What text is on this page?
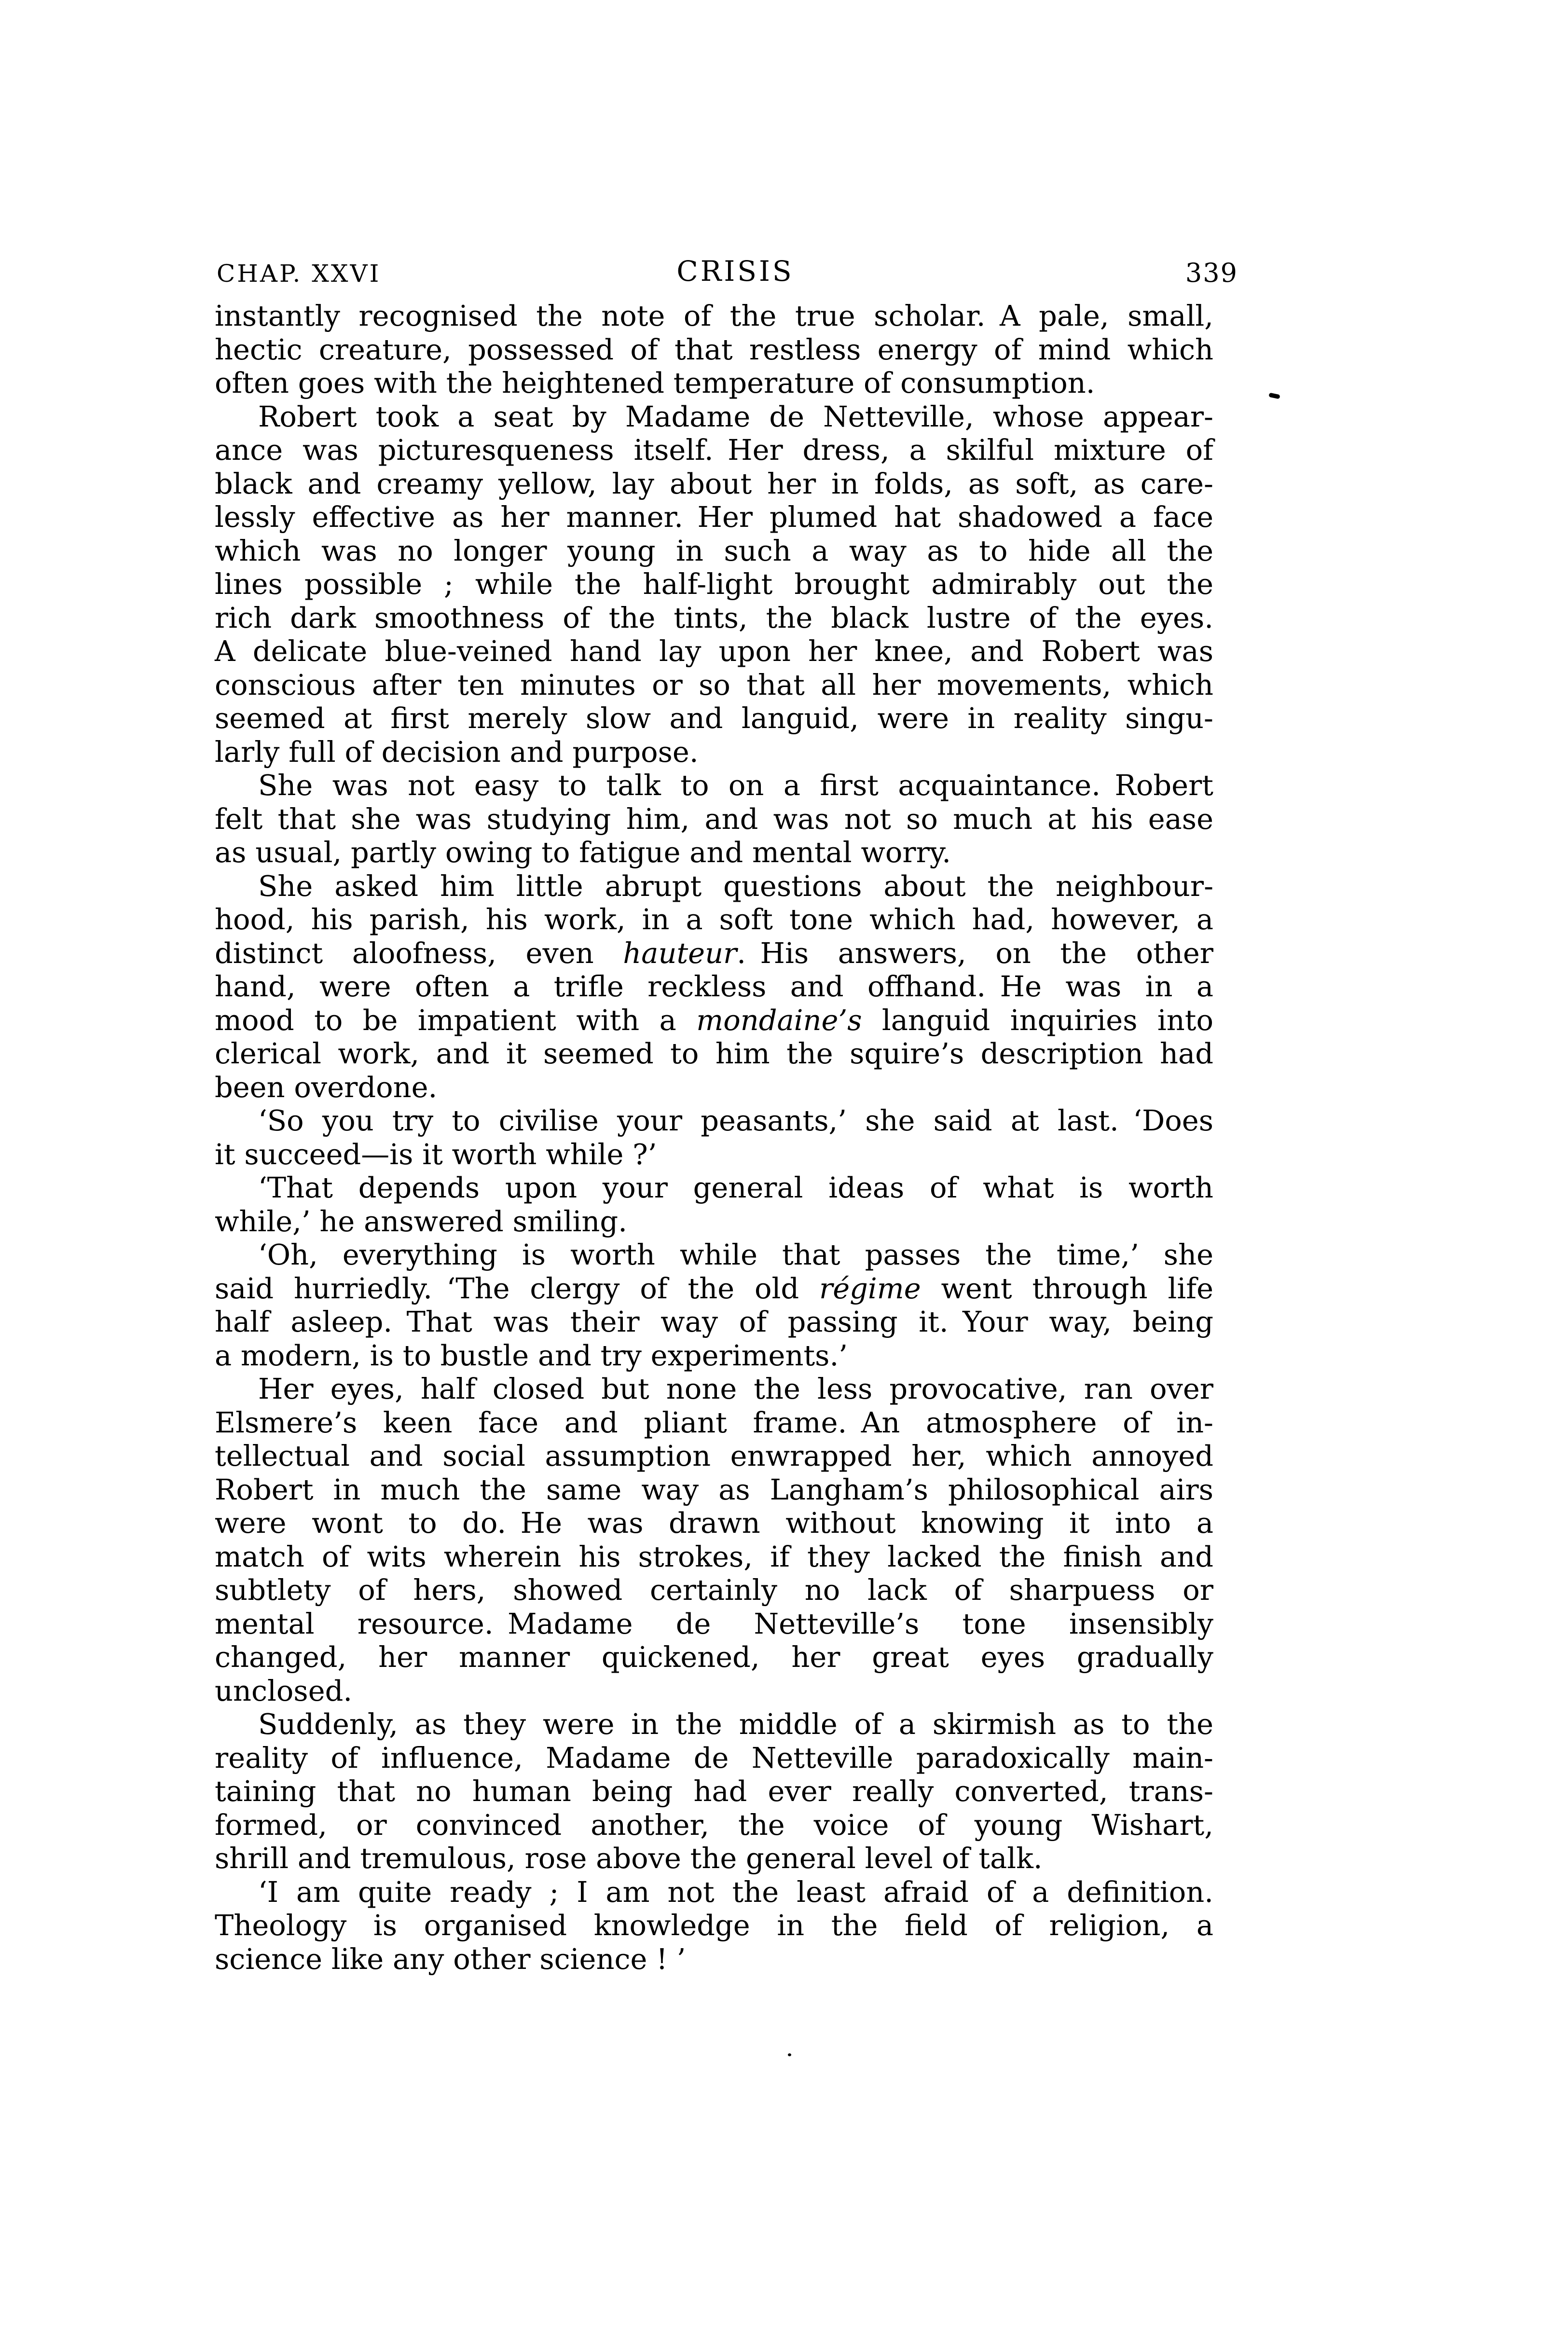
CHAP. XXVI	CRISIS	339
instantly recognised the note of the true scholar. A pale, small,
hectic creature, possessed of that restless energy of mind which
often goes with the heightened temperature of consumption.
Robert took a seat by Madame de Netteville, whose appear-
ance was picturesqueness itself. Her dress, a skilful mixture of
black and creamy yellow, lay about her in folds, as soft, as care-
lessly effective as her manner. Her plumed hat shadowed a face
which was no longer young in such a way as to hide all the
lines possible ; while the half-light brought admirably out the
rich dark smoothness of the tints, the black lustre of the eyes.
A delicate blue-veined hand lay upon her knee, and Robert was
conscious after ten minutes or so that all her movements, which
seemed at first merely slow and languid, were in reality singu-
larly full of decision and purpose.
She was not easy to talk to on a first acquaintance. Robert
felt that she was studying him, and was not so much at his ease
as usual, partly owing to fatigue and mental worry.
She asked him little abrupt questions about the neighbour-
hood, his parish, his work, in a soft tone which had, however, a
distinct aloofness, even hauteur. His answers, on the other
hand, were often a trifle reckless and offhand. He was in a
mood to be impatient with a mondaine’s languid inquiries into
clerical work, and it seemed to him the squire’s description had
been overdone.
‘So you try to civilise your peasants,’ she said at last. ‘Does
it succeed—is it worth while ?’
‘That depends upon your general ideas of what is worth
while,’ he answered smiling.
‘Oh, everything is worth while that passes the time,’ she
said hurriedly. ‘The clergy of the old régime went through life
half asleep. That was their way of passing it. Your way, being
a modern, is to bustle and try experiments.’
Her eyes, half closed but none the less provocative, ran over
Elsmere’s keen face and pliant frame. An atmosphere of in-
tellectual and social assumption enwrapped her, which annoyed
Robert in much the same way as Langham’s philosophical airs
were wont to do. He was drawn without knowing it into a
match of wits wherein his strokes, if they lacked the finish and
subtlety of hers, showed certainly no lack of sharpuess or
mental resource. Madame de Netteville’s tone insensibly
changed, her manner quickened, her great eyes gradually
unclosed.
Suddenly, as they were in the middle of a skirmish as to the
reality of influence, Madame de Netteville paradoxically main-
taining that no human being had ever really converted, trans-
formed, or convinced another, the voice of young Wishart,
shrill and tremulous, rose above the general level of talk.
‘I am quite ready ; I am not the least afraid of a definition.
Theology is organised knowledge in the field of religion, a
science like any other science ! ’
